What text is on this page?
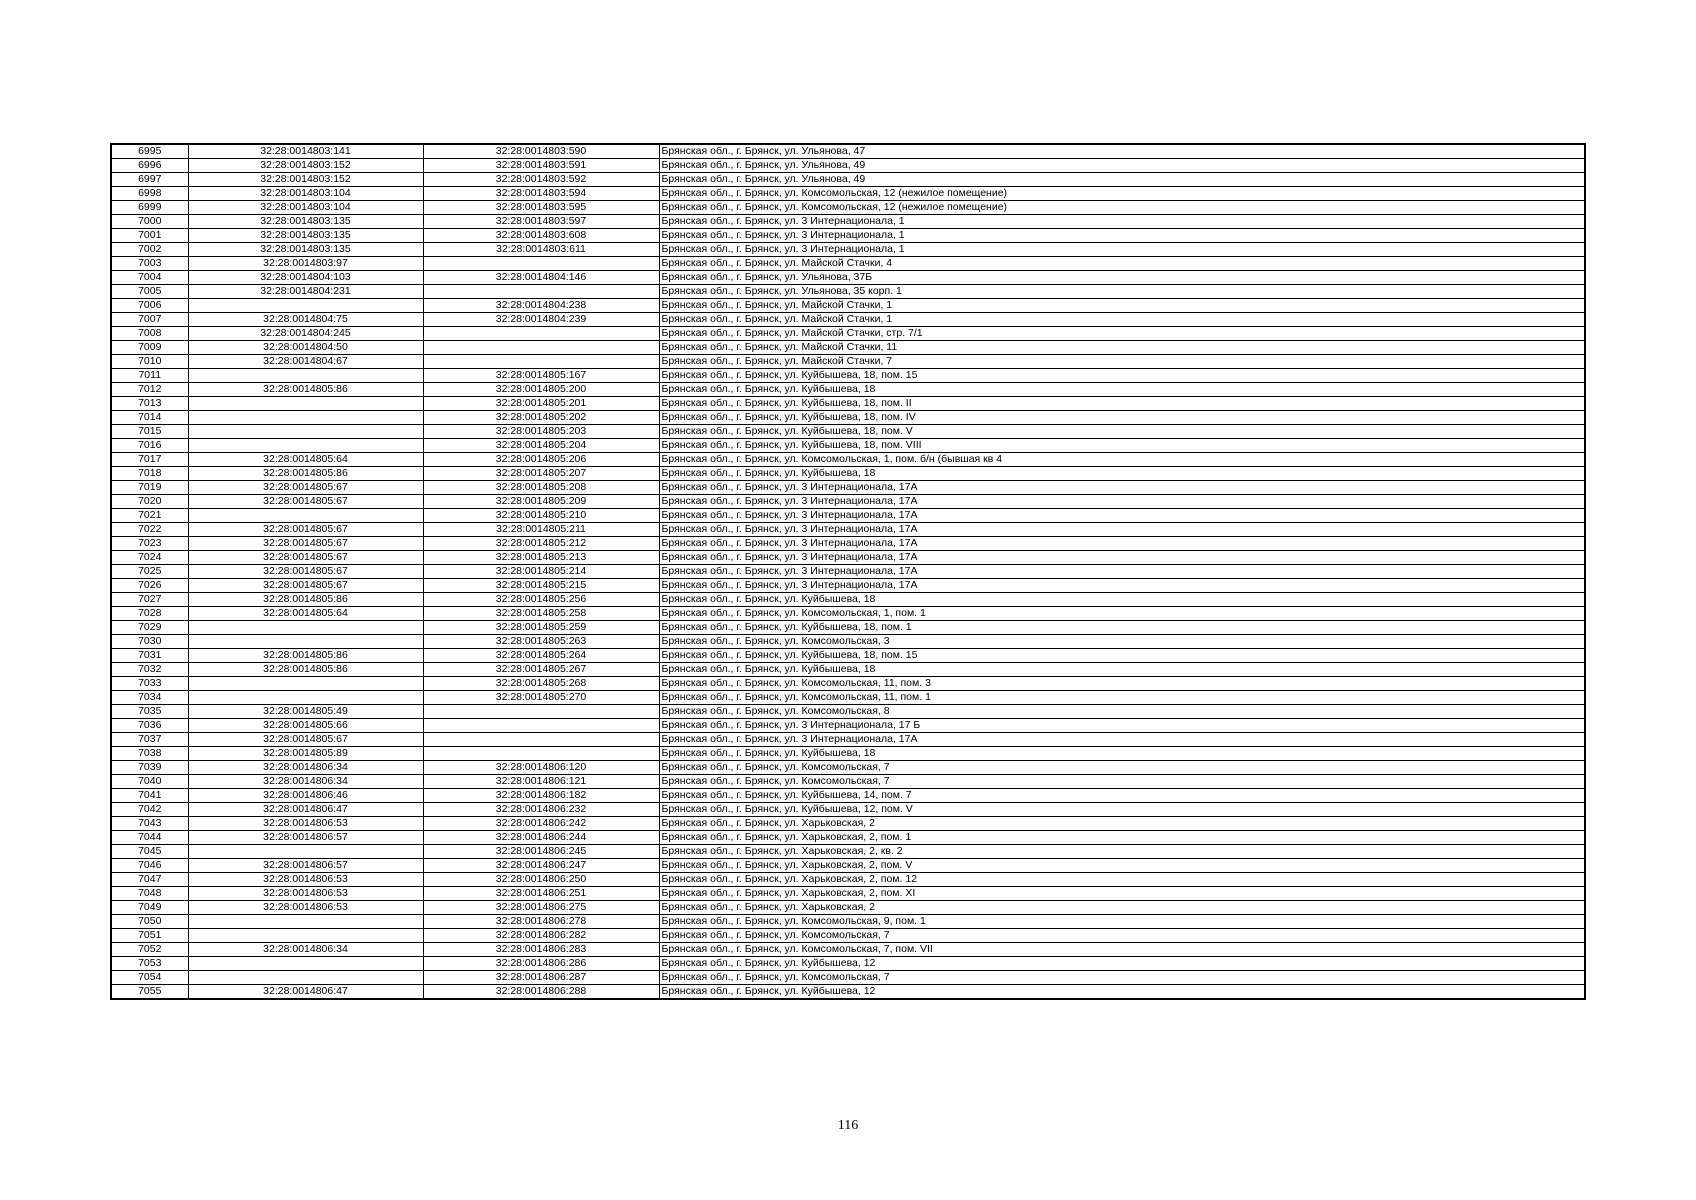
6995	32:28:0014803:141	32:28:0014803:590	Брянская обл., г. Брянск, ул. Ульянова, 47
6996	32:28:0014803:152	32:28:0014803:591	Брянская обл., г. Брянск, ул. Ульянова, 49
6997	32:28:0014803:152	32:28:0014803:592	Брянская обл., г. Брянск, ул. Ульянова, 49
6998	32:28:0014803:104	32:28:0014803:594	Брянская обл., г. Брянск, ул. Комсомольская, 12 (нежилое помещение)
6999	32:28:0014803:104	32:28:0014803:595	Брянская обл., г. Брянск, ул. Комсомольская, 12 (нежилое помещение)
7000	32:28:0014803:135	32:28:0014803:597	Брянская обл., г. Брянск, ул. 3 Интернационала, 1
7001	32:28:0014803:135	32:28:0014803:608	Брянская обл., г. Брянск, ул. 3 Интернационала, 1
7002	32:28:0014803:135	32:28:0014803:611	Брянская обл., г. Брянск, ул. 3 Интернационала, 1
7003	32:28:0014803:97		Брянская обл., г. Брянск, ул. Майской Стачки, 4
7004	32:28:0014804:103	32:28:0014804:146	Брянская обл., г. Брянск, ул. Ульянова, 37Б
7005	32:28:0014804:231		Брянская обл., г. Брянск, ул. Ульянова, 35 корп. 1
7006		32:28:0014804:238	Брянская обл., г. Брянск, ул. Майской Стачки, 1
7007	32:28:0014804:75	32:28:0014804:239	Брянская обл., г. Брянск, ул. Майской Стачки, 1
7008	32:28:0014804:245		Брянская обл., г. Брянск, ул. Майской Стачки, стр. 7/1
7009	32:28:0014804:50		Брянская обл., г. Брянск, ул. Майской Стачки, 11
7010	32:28:0014804:67		Брянская обл., г. Брянск, ул. Майской Стачки, 7
7011		32:28:0014805:167	Брянская обл., г. Брянск, ул. Куйбышева, 18, пом. 15
7012	32:28:0014805:86	32:28:0014805:200	Брянская обл., г. Брянск, ул. Куйбышева, 18
7013		32:28:0014805:201	Брянская обл., г. Брянск, ул. Куйбышева, 18, пом. II
7014		32:28:0014805:202	Брянская обл., г. Брянск, ул. Куйбышева, 18, пом. IV
7015		32:28:0014805:203	Брянская обл., г. Брянск, ул. Куйбышева, 18, пом. V
7016		32:28:0014805:204	Брянская обл., г. Брянск, ул. Куйбышева, 18, пом. VIII
7017	32:28:0014805:64	32:28:0014805:206	Брянская обл., г. Брянск, ул. Комсомольская, 1, пом. б/н (бывшая кв 4
7018	32:28:0014805:86	32:28:0014805:207	Брянская обл., г. Брянск, ул. Куйбышева, 18
7019	32:28:0014805:67	32:28:0014805:208	Брянская обл., г. Брянск, ул. 3 Интернационала, 17А
7020	32:28:0014805:67	32:28:0014805:209	Брянская обл., г. Брянск, ул. 3 Интернационала, 17А
7021		32:28:0014805:210	Брянская обл., г. Брянск, ул. 3 Интернационала, 17А
7022	32:28:0014805:67	32:28:0014805:211	Брянская обл., г. Брянск, ул. 3 Интернационала, 17А
7023	32:28:0014805:67	32:28:0014805:212	Брянская обл., г. Брянск, ул. 3 Интернационала, 17А
7024	32:28:0014805:67	32:28:0014805:213	Брянская обл., г. Брянск, ул. 3 Интернационала, 17А
7025	32:28:0014805:67	32:28:0014805:214	Брянская обл., г. Брянск, ул. 3 Интернационала, 17А
7026	32:28:0014805:67	32:28:0014805:215	Брянская обл., г. Брянск, ул. 3 Интернационала, 17А
7027	32:28:0014805:86	32:28:0014805:256	Брянская обл., г. Брянск, ул. Куйбышева, 18
7028	32:28:0014805:64	32:28:0014805:258	Брянская обл., г. Брянск, ул. Комсомольская, 1, пом. 1
7029		32:28:0014805:259	Брянская обл., г. Брянск, ул. Куйбышева, 18, пом. 1
7030		32:28:0014805:263	Брянская обл., г. Брянск, ул. Комсомольская, 3
7031	32:28:0014805:86	32:28:0014805:264	Брянская обл., г. Брянск, ул. Куйбышева, 18, пом. 15
7032	32:28:0014805:86	32:28:0014805:267	Брянская обл., г. Брянск, ул. Куйбышева, 18
7033		32:28:0014805:268	Брянская обл., г. Брянск, ул. Комсомольская, 11, пом. 3
7034		32:28:0014805:270	Брянская обл., г. Брянск, ул. Комсомольская, 11, пом. 1
7035	32:28:0014805:49		Брянская обл., г. Брянск, ул. Комсомольская, 8
7036	32:28:0014805:66		Брянская обл., г. Брянск, ул. 3 Интернационала, 17 Б
7037	32:28:0014805:67		Брянская обл., г. Брянск, ул. 3 Интернационала, 17А
7038	32:28:0014805:89		Брянская обл., г. Брянск, ул. Куйбышева, 18
7039	32:28:0014806:34	32:28:0014806:120	Брянская обл., г. Брянск, ул. Комсомольская, 7
7040	32:28:0014806:34	32:28:0014806:121	Брянская обл., г. Брянск, ул. Комсомольская, 7
7041	32:28:0014806:46	32:28:0014806:182	Брянская обл., г. Брянск, ул. Куйбышева, 14, пом. 7
7042	32:28:0014806:47	32:28:0014806:232	Брянская обл., г. Брянск, ул. Куйбышева, 12, пом. V
7043	32:28:0014806:53	32:28:0014806:242	Брянская обл., г. Брянск, ул. Харьковская, 2
7044	32:28:0014806:57	32:28:0014806:244	Брянская обл., г. Брянск, ул. Харьковская, 2, пом. 1
7045		32:28:0014806:245	Брянская обл., г. Брянск, ул. Харьковская, 2, кв. 2
7046	32:28:0014806:57	32:28:0014806:247	Брянская обл., г. Брянск, ул. Харьковская, 2, пом. V
7047	32:28:0014806:53	32:28:0014806:250	Брянская обл., г. Брянск, ул. Харьковская, 2, пом. 12
7048	32:28:0014806:53	32:28:0014806:251	Брянская обл., г. Брянск, ул. Харьковская, 2, пом. XI
7049	32:28:0014806:53	32:28:0014806:275	Брянская обл., г. Брянск, ул. Харьковская, 2
7050		32:28:0014806:278	Брянская обл., г. Брянск, ул. Комсомольская, 9, пом. 1
7051		32:28:0014806:282	Брянская обл., г. Брянск, ул. Комсомольская, 7
7052	32:28:0014806:34	32:28:0014806:283	Брянская обл., г. Брянск, ул. Комсомольская, 7, пом. VII
7053		32:28:0014806:286	Брянская обл., г. Брянск, ул. Куйбышева, 12
7054		32:28:0014806:287	Брянская обл., г. Брянск, ул. Комсомольская, 7
7055	32:28:0014806:47	32:28:0014806:288	Брянская обл., г. Брянск, ул. Куйбышева, 12
116
